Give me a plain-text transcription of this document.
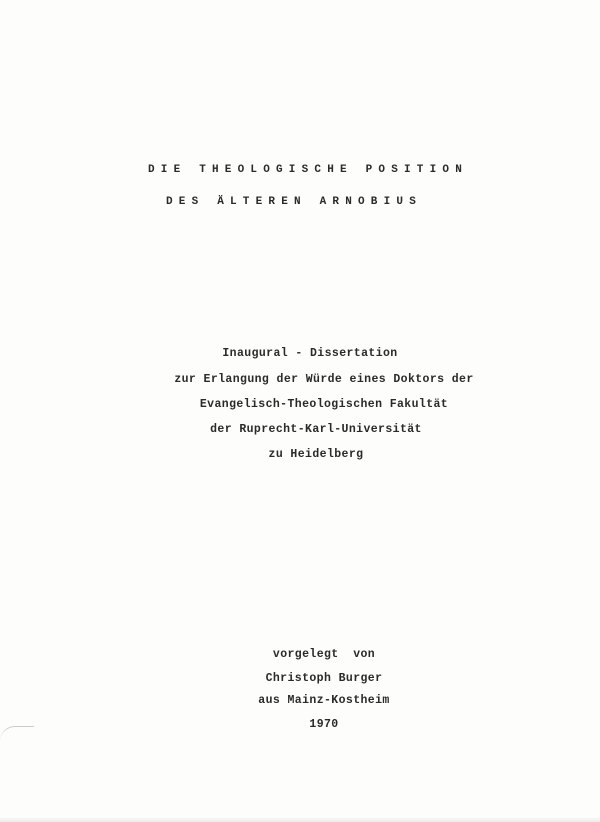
DIE THEOLOGISCHE POSITION
DES ÄLTEREN ARNOBIUS
Inaugural - Dissertation
zur Erlangung der Würde eines Doktors der
Evangelisch-Theologischen Fakultät
der Ruprecht-Karl-Universität
zu Heidelberg
vorgelegt  von
Christoph Burger
aus Mainz-Kostheim
1970
